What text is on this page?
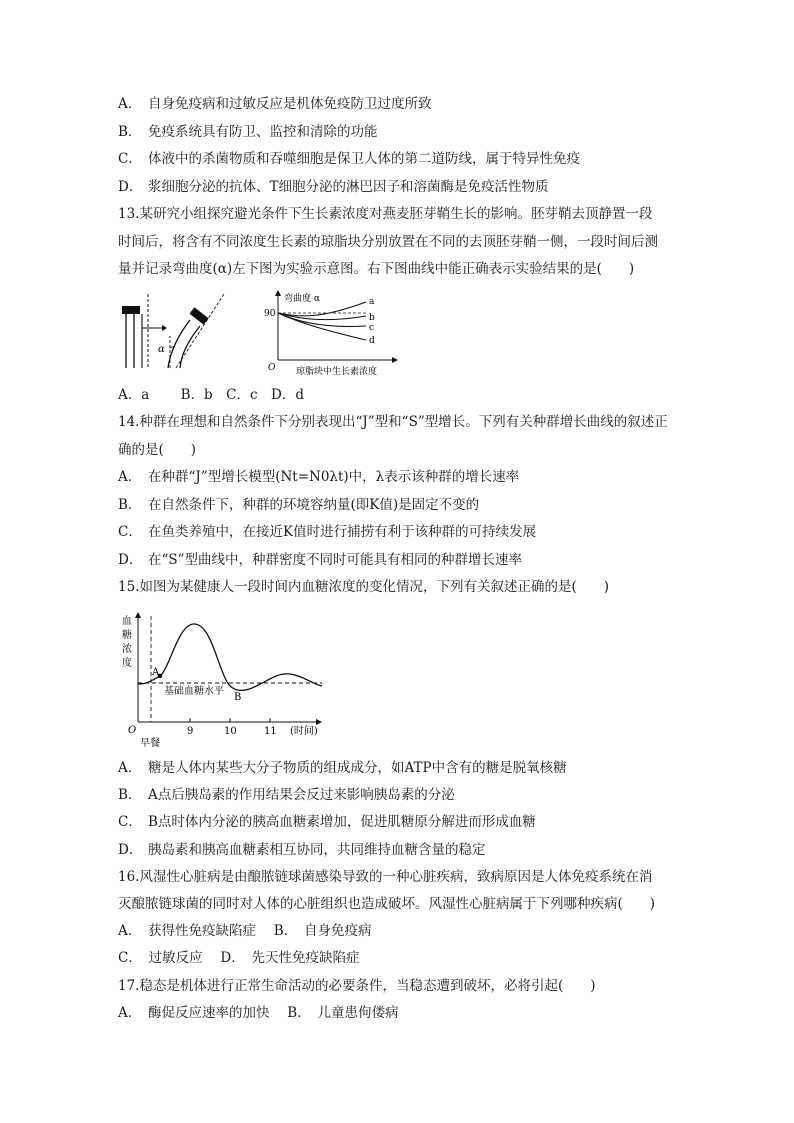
A． 自身免疫病和过敏反应是机体免疫防卫过度所致
B． 免疫系统具有防卫、监控和清除的功能
C． 体液中的杀菌物质和吞噬细胞是保卫人体的第二道防线，属于特异性免疫
D． 浆细胞分泌的抗体、T细胞分泌的淋巴因子和溶菌酶是免疫活性物质
13.某研究小组探究避光条件下生长素浓度对燕麦胚芽鞘生长的影响。胚芽鞘去顶静置一段
时间后，将含有不同浓度生长素的琼脂块分别放置在不同的去顶胚芽鞘一侧，一段时间后测
量并记录弯曲度(α)左下图为实验示意图。右下图曲线中能正确表示实验结果的是(　　)
α
弯曲度 α
90
a
b
c
d
O 琼脂块中生长素浓度
A．a　　 B．b　C．c　D．d
14.种群在理想和自然条件下分别表现出“J”型和“S”型增长。下列有关种群增长曲线的叙述正
确的是(　　)
A． 在种群“J”型增长模型(Nt=N0λt)中，λ表示该种群的增长速率
B． 在自然条件下，种群的环境容纳量(即K值)是固定不变的
C． 在鱼类养殖中，在接近K值时进行捕捞有利于该种群的可持续发展
D． 在“S”型曲线中，种群密度不同时可能具有相同的种群增长速率
15.如图为某健康人一段时间内血糖浓度的变化情况，下列有关叙述正确的是(　　)
血
糖
浓
度
A
B
基础血糖水平
O	9	10	11 (时间)
早餐
A． 糖是人体内某些大分子物质的组成成分，如ATP中含有的糖是脱氧核糖
B． A点后胰岛素的作用结果会反过来影响胰岛素的分泌
C． B点时体内分泌的胰高血糖素增加，促进肌糖原分解进而形成血糖
D． 胰岛素和胰高血糖素相互协同，共同维持血糖含量的稳定
16.风湿性心脏病是由酿脓链球菌感染导致的一种心脏疾病，致病原因是人体免疫系统在消
灭酿脓链球菌的同时对人体的心脏组织也造成破坏。风湿性心脏病属于下列哪种疾病(　　)
A．　获得性免疫缺陷症　 B．　自身免疫病
C．　过敏反应　 D．　先天性免疫缺陷症
17.稳态是机体进行正常生命活动的必要条件，当稳态遭到破坏，必将引起(　　)
A．　酶促反应速率的加快　 B．　儿童患佝偻病
